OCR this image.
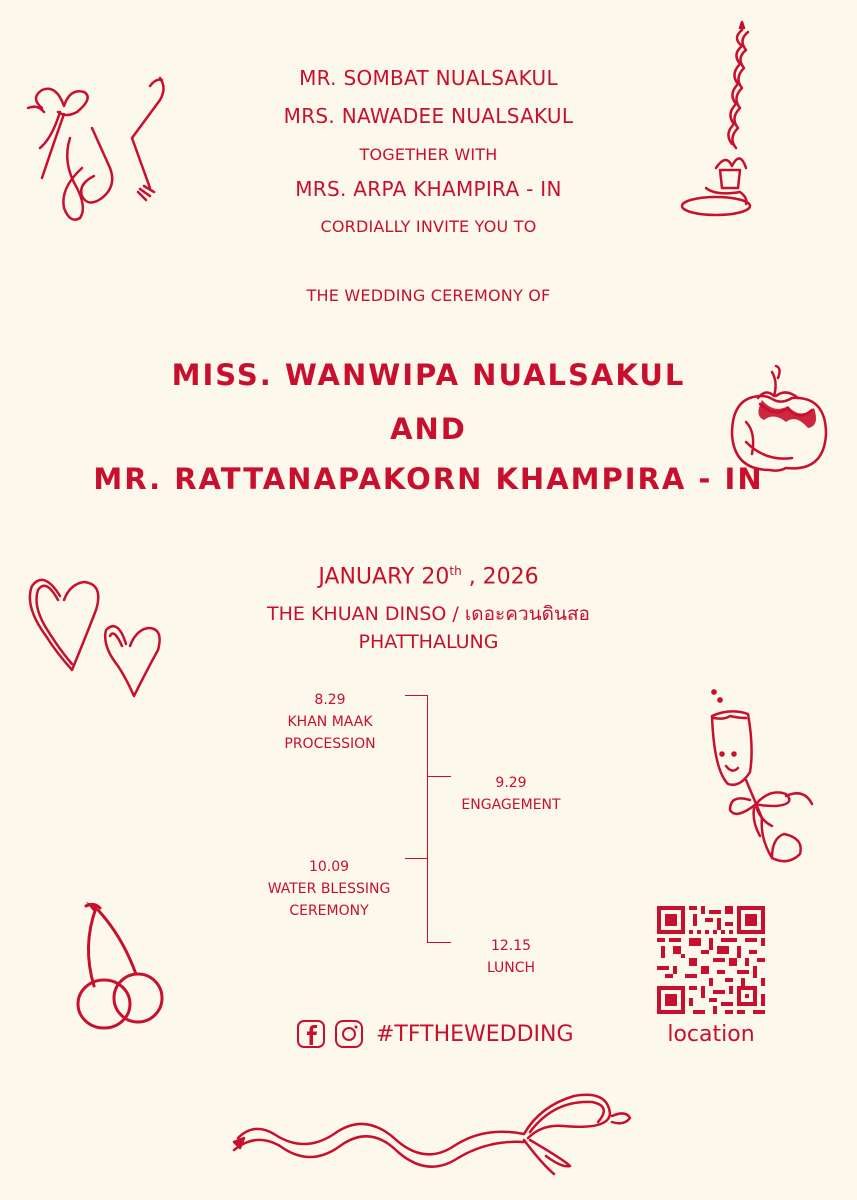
MR. SOMBAT NUALSAKUL
MRS. NAWADEE NUALSAKUL
TOGETHER WITH
MRS. ARPA KHAMPIRA - IN
CORDIALLY INVITE YOU TO
THE WEDDING CEREMONY OF
MISS. WANWIPA NUALSAKUL
AND
MR. RATTANAPAKORN KHAMPIRA - IN
JANUARY 20th , 2026
THE KHUAN DINSO / เดอะควนดินสอ
PHATTHALUNG
8.29
KHAN MAAK
PROCESSION
9.29
ENGAGEMENT
10.09
WATER BLESSING
CEREMONY
12.15
LUNCH
#TFTHEWEDDING	location
